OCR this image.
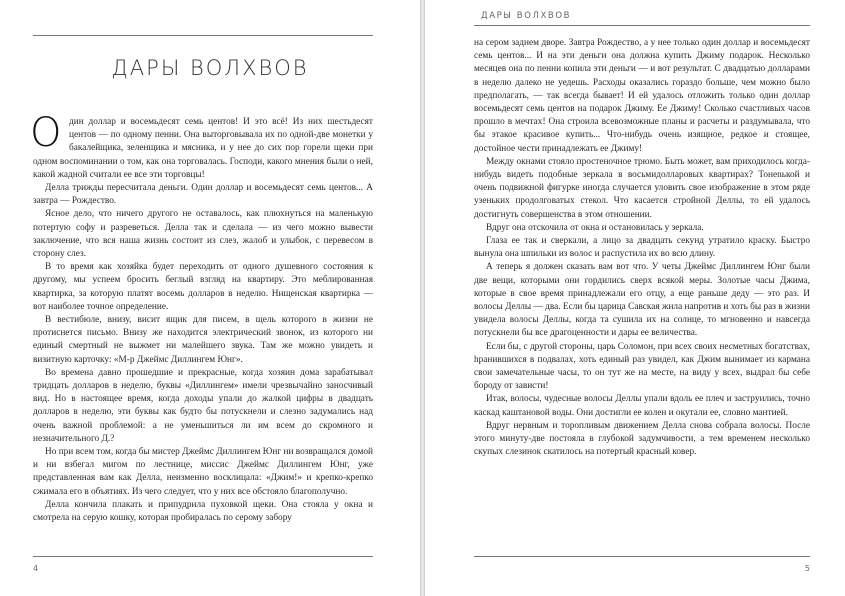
ДАРЫ ВОЛХВОВ

О дин доллар и восемьдесят семь центов! И это всё! Из них шестьдесят центов — по одному пенни. Она выторговывала их по одной-две монетки у бакалейщика, зеленщика и мясника, и у нее до сих пор горели щеки при одном воспоминании о том, как она торговалась. Господи, какого мнения были о ней, какой жадной считали ее все эти торговцы!

Делла трижды пересчитала деньги. Один доллар и восемьдесят семь центов... А завтра — Рождество.

Ясное дело, что ничего другого не оставалось, как плюхнуться на маленькую потертую софу и разреветься. Делла так и сделала — из чего можно вывести заключение, что вся наша жизнь состоит из слез, жалоб и улыбок, с перевесом в сторону слез.

В то время как хозяйка будет переходить от одного душевного состояния к другому, мы успеем бросить беглый взгляд на квартиру. Это меблированная квартирка, за которую платят восемь долларов в неделю. Нищенская квартирка — вот наиболее точное определение.

В вестибюле, внизу, висит ящик для писем, в щель которого в жизни не протиснется письмо. Внизу же находится электрический звонок, из которого ни единый смертный не выжмет ни малейшего звука. Там же можно увидеть и визитную карточку: «М-р Джеймс Диллингем Юнг».

Во времена давно прошедшие и прекрасные, когда хозяин дома зарабатывал тридцать долларов в неделю, буквы «Диллингем» имели чрезвычайно заносчивый вид. Но в настоящее время, когда доходы упали до жалкой цифры в двадцать долларов в неделю, эти буквы как будто бы потускнели и слезно задумались над очень важной проблемой: а не уменьшиться ли им всем до скромного и незначительного Д.?

Но при всем том, когда бы мистер Джеймс Диллингем Юнг ни возвращался домой и ни взбегал мигом по лестнице, миссис Джеймс Диллингем Юнг, уже представленная вам как Делла, неизменно восклицала: «Джим!» и крепко-крепко сжимала его в объятиях. Из чего следует, что у них все обстояло благополучно.

Делла кончила плакать и припудрила пуховкой щеки. Она стояла у окна и смотрела на серую кошку, которая пробиралась по серому забору

4
ДАРЫ ВОЛХВОВ

на сером заднем дворе. Завтра Рождество, а у нее только один доллар и восемьдесят семь центов... И на эти деньги она должна купить Джиму подарок. Несколько месяцев она по пенни копила эти деньги — и вот результат. С двадцатью долларами в неделю далеко не уедешь. Расходы оказались гораздо больше, чем можно было предполагать, — так всегда бывает! И ей удалось отложить только один доллар восемьдесят семь центов на подарок Джиму. Ее Джиму! Сколько счастливых часов прошло в мечтах! Она строила всевозможные планы и расчеты и раздумывала, что бы этакое красивое купить... Что-нибудь очень изящное, редкое и стоящее, достойное чести принадлежать ее Джиму!

Между окнами стояло простеночное трюмо. Быть может, вам приходилось когда-нибудь видеть подобные зеркала в восьмидолларовых квартирах? Тонenькой и очень подвижной фигурке иногда случается уловить свое изображение в этом ряде узеньких продолговатых стекол. Что касается стройной Деллы, то ей удалось достигнуть совершенства в этом отношении.

Вдруг она отскочила от окна и остановилась у зеркала.

Глаза ее так и сверкали, а лицо за двадцать секунд утратило краску. Быстро вынула она шпильки из волос и распустила их во всю длину.

А теперь я должен сказать вам вот что. У четы Джеймс Диллингем Юнг были две вещи, которыми они гордились сверх всякой меры. Золотые часы Джима, которые в свое время принадлежали его отцу, а еще раньше деду — это раз. И волосы Деллы — два. Если бы царица Савская жила напротив и хоть бы раз в жизни увидела волосы Деллы, когда та сушила их на солнце, то мгновенно и навсегда потускнели бы все драгоценности и дары ее величества.

Если бы, с другой стороны, царь Соломон, при всех своих несметных богатствах, hранившихся в подвалах, хоть единый раз увидел, как Джим вынимает из кармана свои замечательные часы, то он тут же на месте, на виду у всех, выдрал бы себе бороду от зависти!

Итак, волосы, чудесные волосы Деллы упали вдоль ее плеч и заструились, точно каскад каштановой воды. Они достигли ее колен и окутали ее, словно мантией.

Вдруг нервным и торопливым движением Делла снова собрала волосы. После этого минуту-две постояла в глубокой задумчивости, а тем временем несколько скупых слезинок скатилось на потертый красный ковер.

5
